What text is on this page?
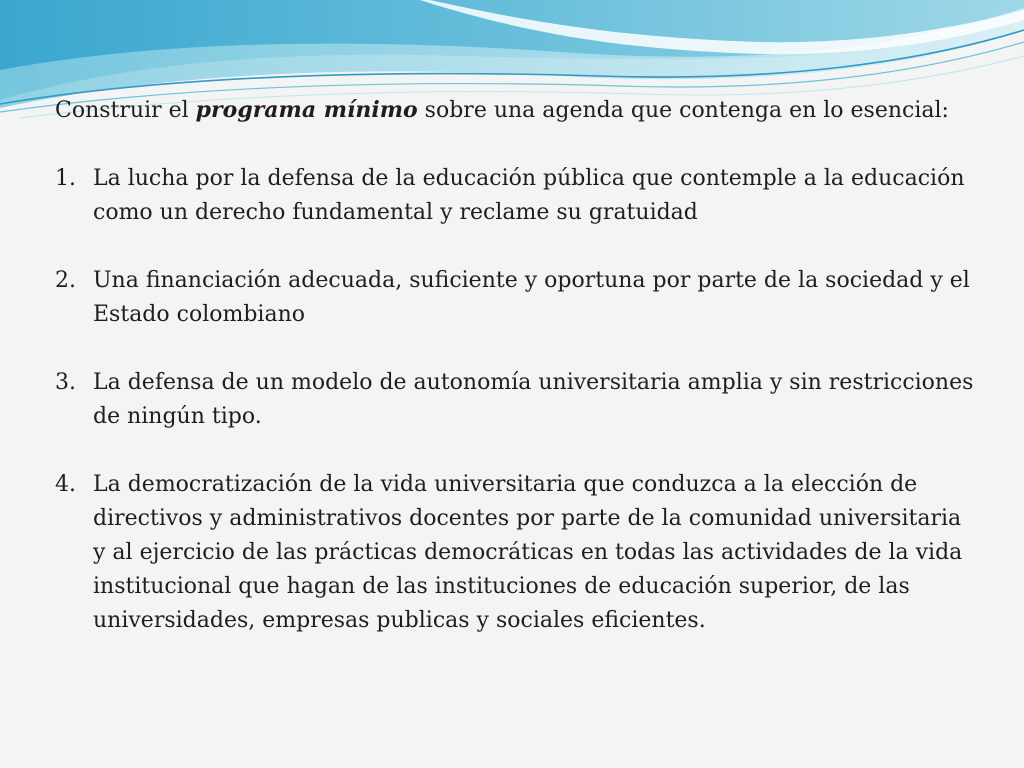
Construir el programa mínimo sobre una agenda que contenga en lo esencial:

1. La lucha por la defensa de la educación pública que contemple a la educación como un derecho fundamental y reclame su gratuidad
2. Una financiación adecuada, suficiente y oportuna por parte de la sociedad y el Estado colombiano
3. La defensa de un modelo de autonomía universitaria amplia y sin restricciones de ningún tipo.
4. La democratización de la vida universitaria que conduzca a la elección de directivos y administrativos docentes por parte de la comunidad universitaria y al ejercicio de las prácticas democráticas en todas las actividades de la vida institucional que hagan de las instituciones de educación superior, de las universidades, empresas publicas y sociales eficientes.
